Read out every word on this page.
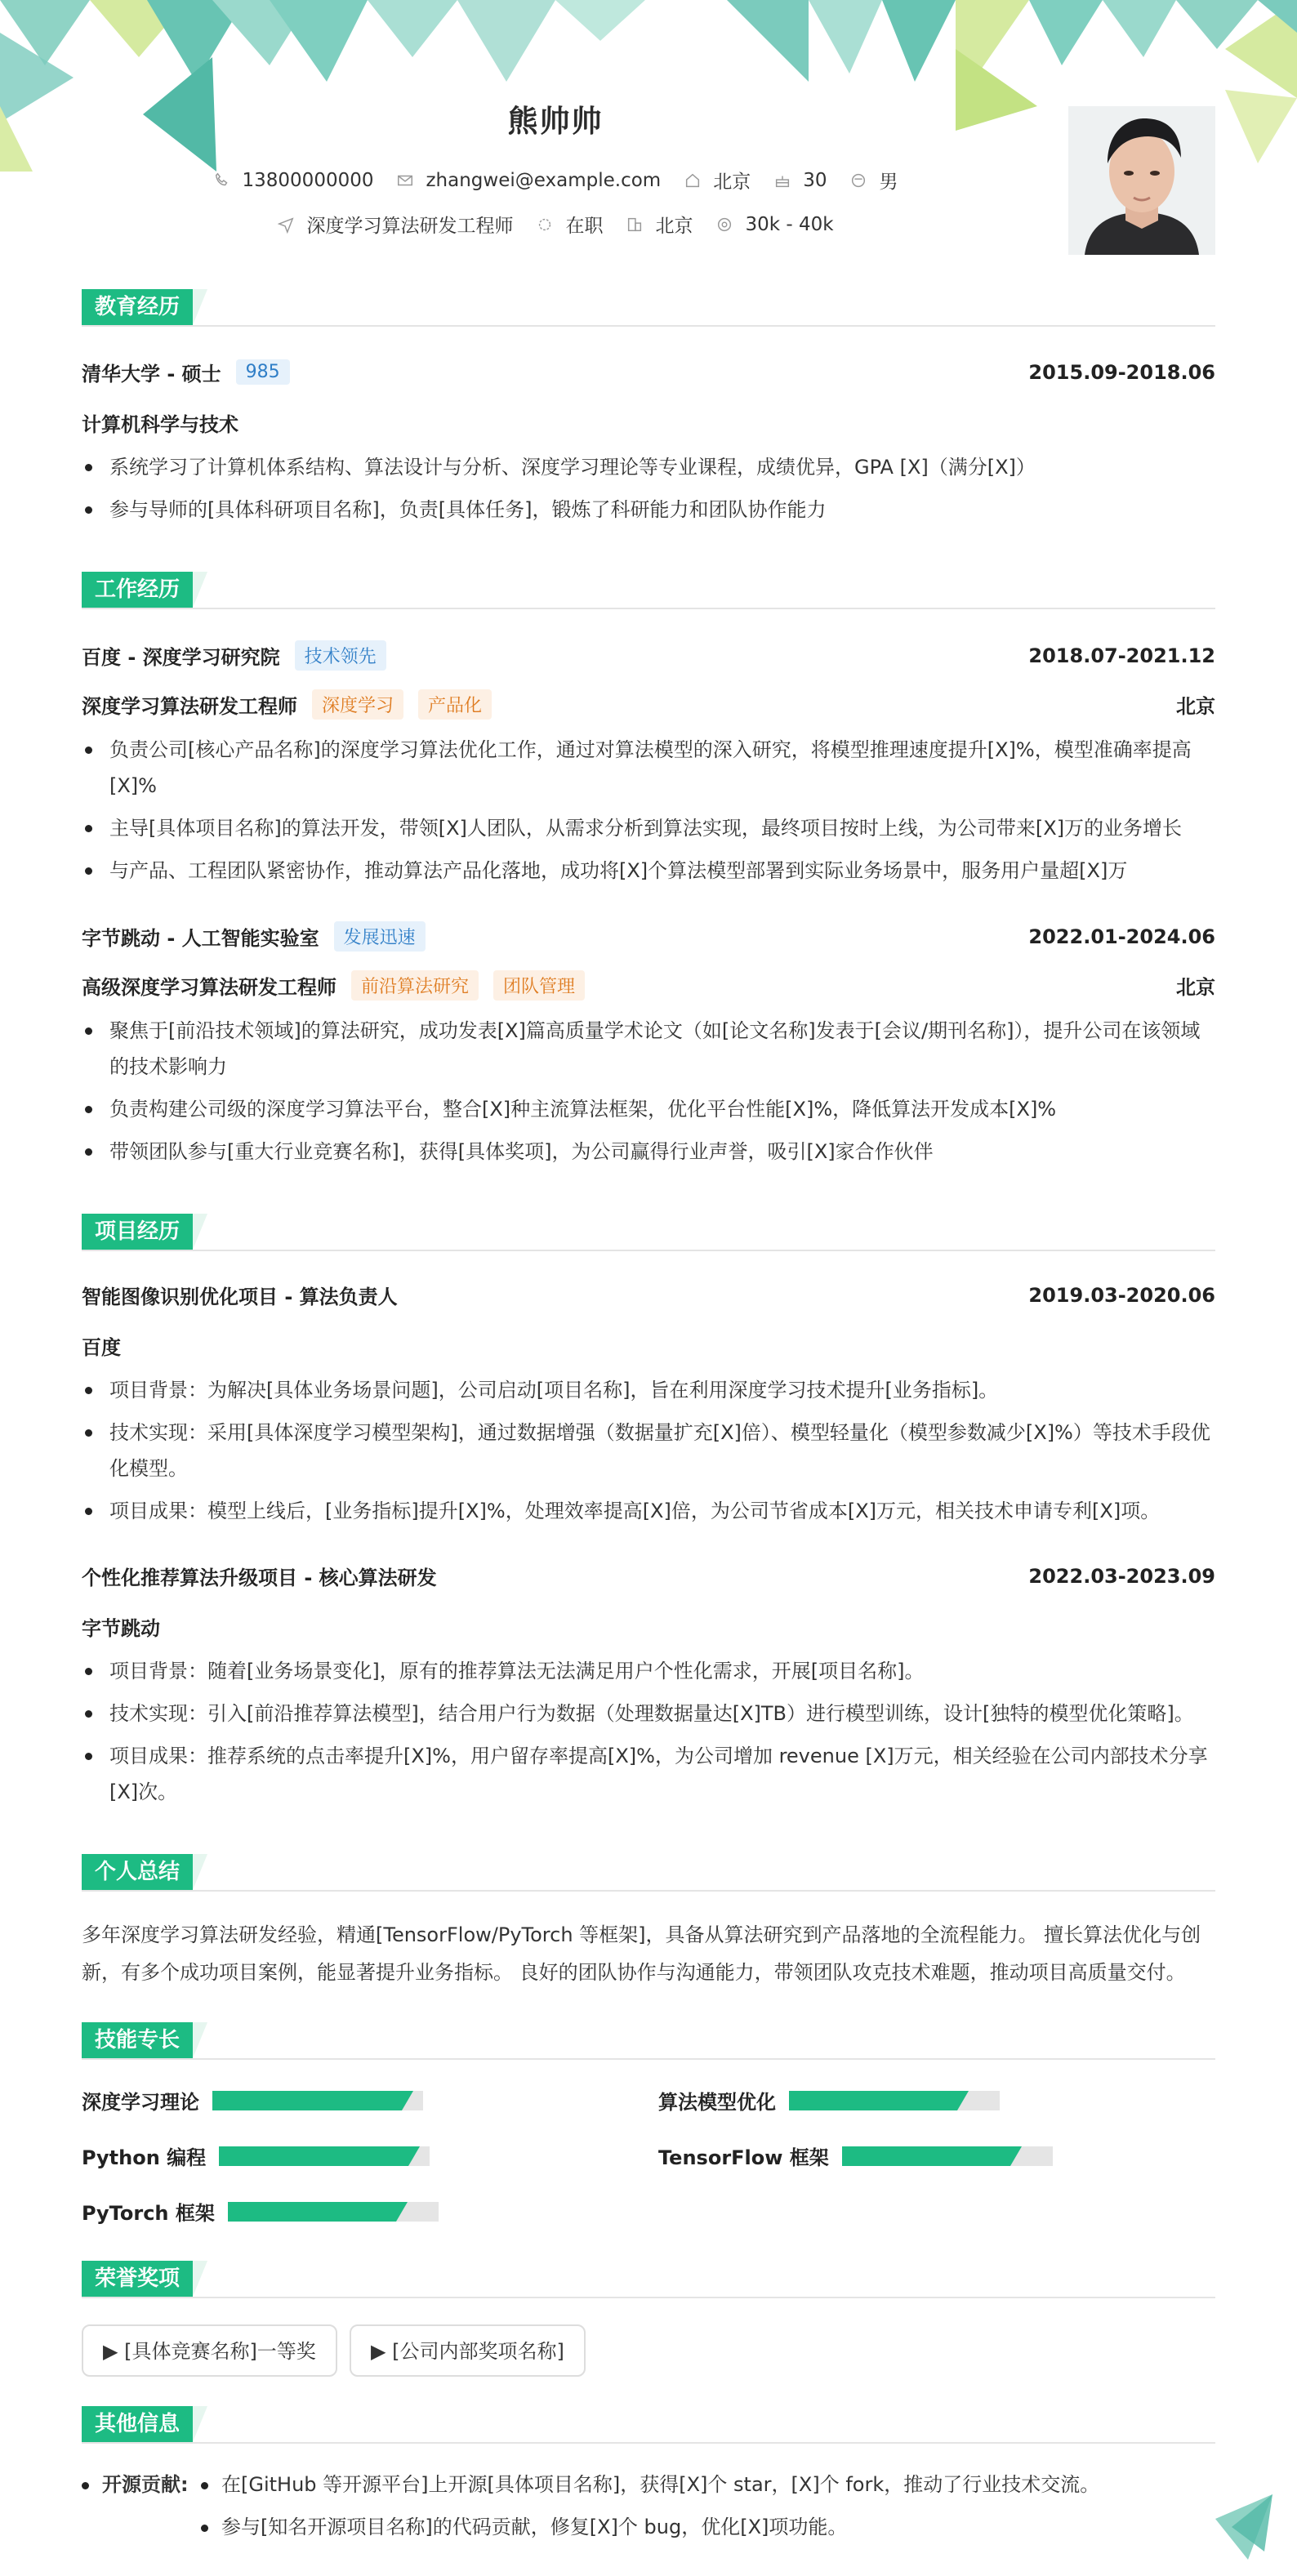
熊帅帅
13800000000	zhangwei@example.com	北京	30	男
深度学习算法研发工程师	在职	北京	30k - 40k
教育经历
清华大学 - 硕士	985	2015.09-2018.06
计算机科学与技术
系统学习了计算机体系结构、算法设计与分析、深度学习理论等专业课程，成绩优异，GPA [X]（满分[X]）
参与导师的[具体科研项目名称]，负责[具体任务]，锻炼了科研能力和团队协作能力
工作经历
百度 - 深度学习研究院	技术领先	2018.07-2021.12
深度学习算法研发工程师	深度学习	产品化	北京
负责公司[核心产品名称]的深度学习算法优化工作，通过对算法模型的深入研究，将模型推理速度提升[X]%，模型准确率提高[X]%
主导[具体项目名称]的算法开发，带领[X]人团队，从需求分析到算法实现，最终项目按时上线，为公司带来[X]万的业务增长
与产品、工程团队紧密协作，推动算法产品化落地，成功将[X]个算法模型部署到实际业务场景中，服务用户量超[X]万
字节跳动 - 人工智能实验室	发展迅速	2022.01-2024.06
高级深度学习算法研发工程师	前沿算法研究	团队管理	北京
聚焦于[前沿技术领域]的算法研究，成功发表[X]篇高质量学术论文（如[论文名称]发表于[会议/期刊名称]），提升公司在该领域的技术影响力
负责构建公司级的深度学习算法平台，整合[X]种主流算法框架，优化平台性能[X]%，降低算法开发成本[X]%
带领团队参与[重大行业竞赛名称]，获得[具体奖项]，为公司赢得行业声誉，吸引[X]家合作伙伴
项目经历
智能图像识别优化项目 - 算法负责人	2019.03-2020.06
百度
项目背景：为解决[具体业务场景问题]，公司启动[项目名称]，旨在利用深度学习技术提升[业务指标]。
技术实现：采用[具体深度学习模型架构]，通过数据增强（数据量扩充[X]倍）、模型轻量化（模型参数减少[X]%）等技术手段优化模型。
项目成果：模型上线后，[业务指标]提升[X]%，处理效率提高[X]倍，为公司节省成本[X]万元，相关技术申请专利[X]项。
个性化推荐算法升级项目 - 核心算法研发	2022.03-2023.09
字节跳动
项目背景：随着[业务场景变化]，原有的推荐算法无法满足用户个性化需求，开展[项目名称]。
技术实现：引入[前沿推荐算法模型]，结合用户行为数据（处理数据量达[X]TB）进行模型训练，设计[独特的模型优化策略]。
项目成果：推荐系统的点击率提升[X]%，用户留存率提高[X]%，为公司增加 revenue [X]万元，相关经验在公司内部技术分享[X]次。
个人总结
多年深度学习算法研发经验，精通[TensorFlow/PyTorch 等框架]，具备从算法研究到产品落地的全流程能力。 擅长算法优化与创新，有多个成功项目案例，能显著提升业务指标。 良好的团队协作与沟通能力，带领团队攻克技术难题，推动项目高质量交付。
技能专长
深度学习理论	算法模型优化
Python 编程	TensorFlow 框架
PyTorch 框架
荣誉奖项
▶ [具体竞赛名称]一等奖	▶ [公司内部奖项名称]
其他信息
开源贡献:	在[GitHub 等开源平台]上开源[具体项目名称]，获得[X]个 star，[X]个 fork，推动了行业技术交流。
参与[知名开源项目名称]的代码贡献，修复[X]个 bug，优化[X]项功能。
